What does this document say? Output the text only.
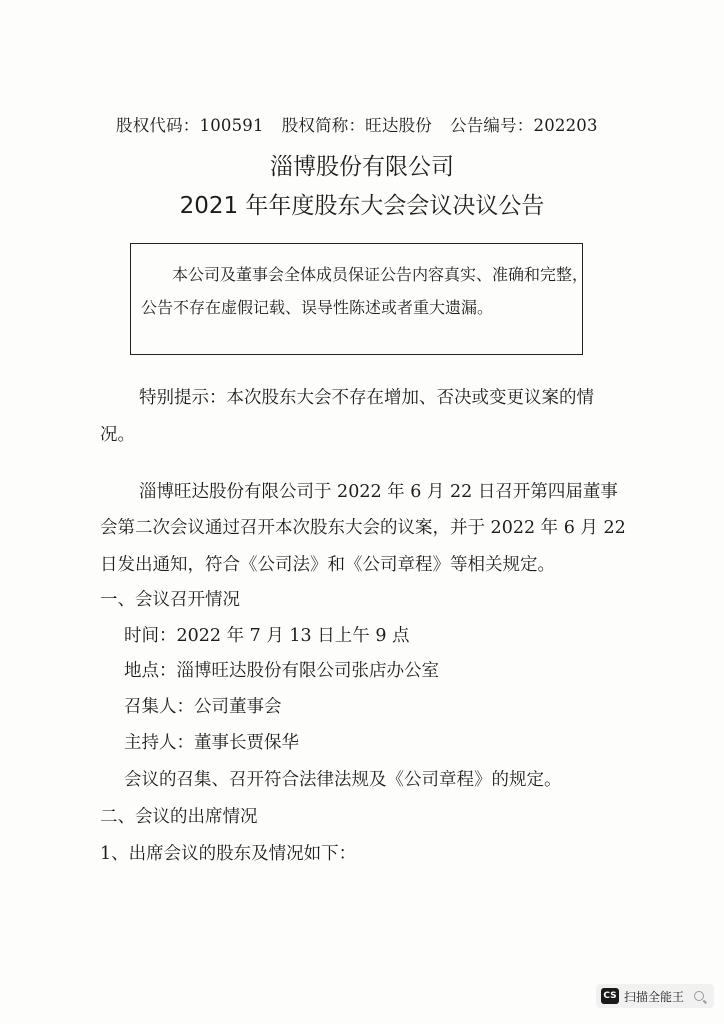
股权代码：100591 股权简称：旺达股份 公告编号：202203
淄博股份有限公司
2021 年年度股东大会会议决议公告
本公司及董事会全体成员保证公告内容真实、准确和完整，
公告不存在虚假记载、误导性陈述或者重大遗漏。
特别提示：本次股东大会不存在增加、否决或变更议案的情
况。
淄博旺达股份有限公司于 2022 年 6 月 22 日召开第四届董事
会第二次会议通过召开本次股东大会的议案，并于 2022 年 6 月 22
日发出通知，符合《公司法》和《公司章程》等相关规定。
一、会议召开情况
时间：2022 年 7 月 13 日上午 9 点
地点：淄博旺达股份有限公司张店办公室
召集人：公司董事会
主持人：董事长贾保华
会议的召集、召开符合法律法规及《公司章程》的规定。
二、会议的出席情况
1、出席会议的股东及情况如下：
CS 扫描全能王
